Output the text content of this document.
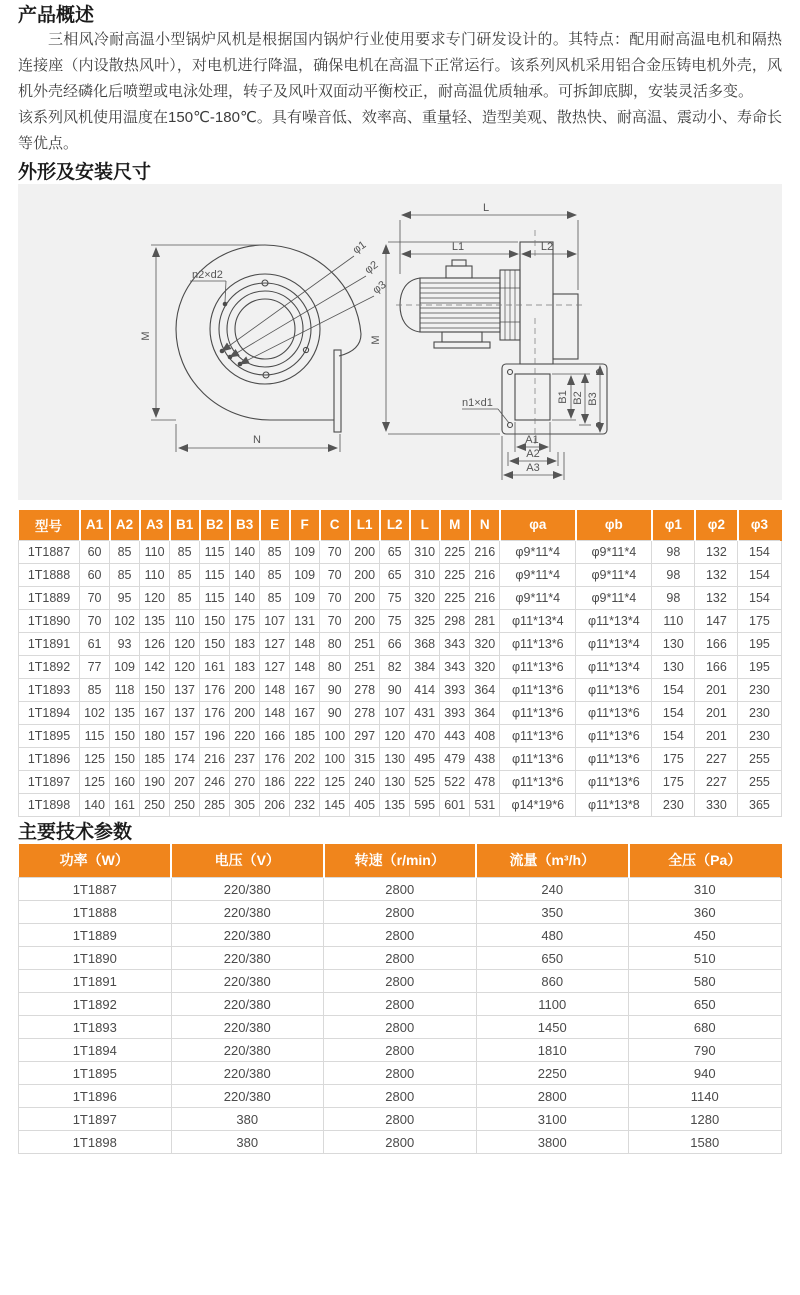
产品概述

三相风冷耐高温小型锅炉风机是根据国内锅炉行业使用要求专门研发设计的。其特点：配用耐高温电机和隔热连接座（内设散热风叶），对电机进行降温，确保电机在高温下正常运行。该系列风机采用铝合金压铸电机外壳，风机外壳经磷化后喷塑或电泳处理，转子及风叶双面动平衡校正，耐高温优质轴承。可拆卸底脚，安装灵活多变。

该系列风机使用温度在150℃-180℃。具有噪音低、效率高、重量轻、造型美观、散热快、耐高温、震动小、寿命长等优点。

外形及安装尺寸
n2×d2
φ1
φ2
φ3
M
N
L
L1	L2
M
B1 B2 B3
A1
A2
A3
n1×d1
型号	A1	A2	A3	B1	B2	B3	E	F	C	L1	L2	L	M	N	φa	φb	φ1	φ2	φ3
1T1887	60	85	110	85	115	140	85	109	70	200	65	310	225	216	φ9*11*4	φ9*11*4	98	132	154
1T1888	60	85	110	85	115	140	85	109	70	200	65	310	225	216	φ9*11*4	φ9*11*4	98	132	154
1T1889	70	95	120	85	115	140	85	109	70	200	75	320	225	216	φ9*11*4	φ9*11*4	98	132	154
1T1890	70	102	135	110	150	175	107	131	70	200	75	325	298	281	φ11*13*4	φ11*13*4	110	147	175
1T1891	61	93	126	120	150	183	127	148	80	251	66	368	343	320	φ11*13*6	φ11*13*4	130	166	195
1T1892	77	109	142	120	161	183	127	148	80	251	82	384	343	320	φ11*13*6	φ11*13*4	130	166	195
1T1893	85	118	150	137	176	200	148	167	90	278	90	414	393	364	φ11*13*6	φ11*13*6	154	201	230
1T1894	102	135	167	137	176	200	148	167	90	278	107	431	393	364	φ11*13*6	φ11*13*6	154	201	230
1T1895	115	150	180	157	196	220	166	185	100	297	120	470	443	408	φ11*13*6	φ11*13*6	154	201	230
1T1896	125	150	185	174	216	237	176	202	100	315	130	495	479	438	φ11*13*6	φ11*13*6	175	227	255
1T1897	125	160	190	207	246	270	186	222	125	240	130	525	522	478	φ11*13*6	φ11*13*6	175	227	255
1T1898	140	161	250	250	285	305	206	232	145	405	135	595	601	531	φ14*19*6	φ11*13*8	230	330	365
主要技术参数
功率（W）	电压（V）	转速（r/min）	流量（m³/h）	全压（Pa）
1T1887	220/380	2800	240	310
1T1888	220/380	2800	350	360
1T1889	220/380	2800	480	450
1T1890	220/380	2800	650	510
1T1891	220/380	2800	860	580
1T1892	220/380	2800	1100	650
1T1893	220/380	2800	1450	680
1T1894	220/380	2800	1810	790
1T1895	220/380	2800	2250	940
1T1896	220/380	2800	2800	1140
1T1897	380	2800	3100	1280
1T1898	380	2800	3800	1580
